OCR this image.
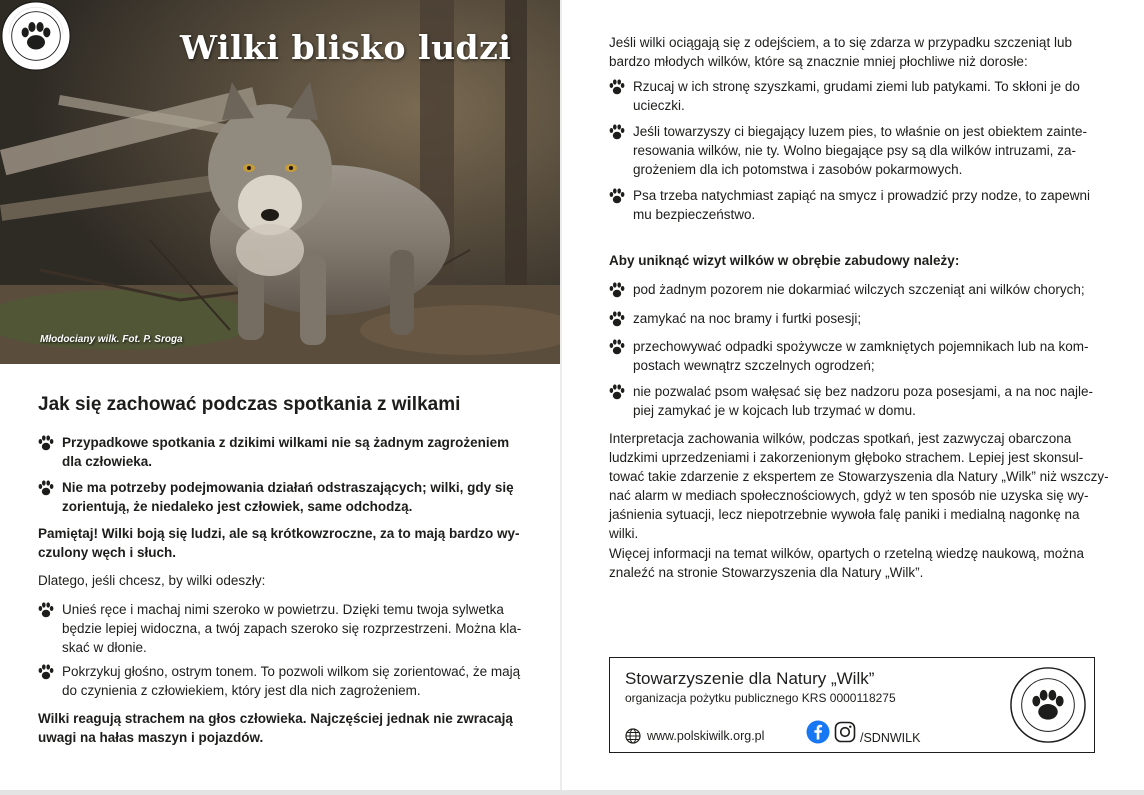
Wilki blisko ludzi
Młodociany wilk. Fot. P. Sroga
Jak się zachować podczas spotkania z wilkami
Przypadkowe spotkania z dzikimi wilkami nie są żadnym zagrożeniem
dla człowieka.
Nie ma potrzeby podejmowania działań odstraszających; wilki, gdy się
zorientują, że niedaleko jest człowiek, same odchodzą.
Pamiętaj! Wilki boją się ludzi, ale są krótkowzroczne, za to mają bardzo wy-
czulony węch i słuch.
Dlatego, jeśli chcesz, by wilki odeszły:
Unieś ręce i machaj nimi szeroko w powietrzu. Dzięki temu twoja sylwetka
będzie lepiej widoczna, a twój zapach szeroko się rozprzestrzeni. Można kla-
skać w dłonie.
Pokrzykuj głośno, ostrym tonem. To pozwoli wilkom się zorientować, że mają
do czynienia z człowiekiem, który jest dla nich zagrożeniem.
Wilki reagują strachem na głos człowieka. Najczęściej jednak nie zwracają
uwagi na hałas maszyn i pojazdów.
Jeśli wilki ociągają się z odejściem, a to się zdarza w przypadku szczeniąt lub
bardzo młodych wilków, które są znacznie mniej płochliwe niż dorosłe:
Rzucaj w ich stronę szyszkami, grudami ziemi lub patykami. To skłoni je do
ucieczki.
Jeśli towarzyszy ci biegający luzem pies, to właśnie on jest obiektem zainte-
resowania wilków, nie ty. Wolno biegające psy są dla wilków intruzami, za-
grożeniem dla ich potomstwa i zasobów pokarmowych.
Psa trzeba natychmiast zapiąć na smycz i prowadzić przy nodze, to zapewni
mu bezpieczeństwo.
Aby uniknąć wizyt wilków w obrębie zabudowy należy:
pod żadnym pozorem nie dokarmiać wilczych szczeniąt ani wilków chorych;
zamykać na noc bramy i furtki posesji;
przechowywać odpadki spożywcze w zamkniętych pojemnikach lub na kom-
postach wewnątrz szczelnych ogrodzeń;
nie pozwalać psom wałęsać się bez nadzoru poza posesjami, a na noc najle-
piej zamykać je w kojcach lub trzymać w domu.
Interpretacja zachowania wilków, podczas spotkań, jest zazwyczaj obarczona
ludzkimi uprzedzeniami i zakorzenionym głęboko strachem. Lepiej jest skonsul-
tować takie zdarzenie z ekspertem ze Stowarzyszenia dla Natury „Wilk” niż wszczy-
nać alarm w mediach społecznościowych, gdyż w ten sposób nie uzyska się wy-
jaśnienia sytuacji, lecz niepotrzebnie wywoła falę paniki i medialną nagonkę na
wilki.
Więcej informacji na temat wilków, opartych o rzetelną wiedzę naukową, można
znaleźć na stronie Stowarzyszenia dla Natury „Wilk”.
Stowarzyszenie dla Natury „Wilk”
organizacja pożytku publicznego KRS 0000118275
www.polskiwilk.org.pl	/SDNWILK
